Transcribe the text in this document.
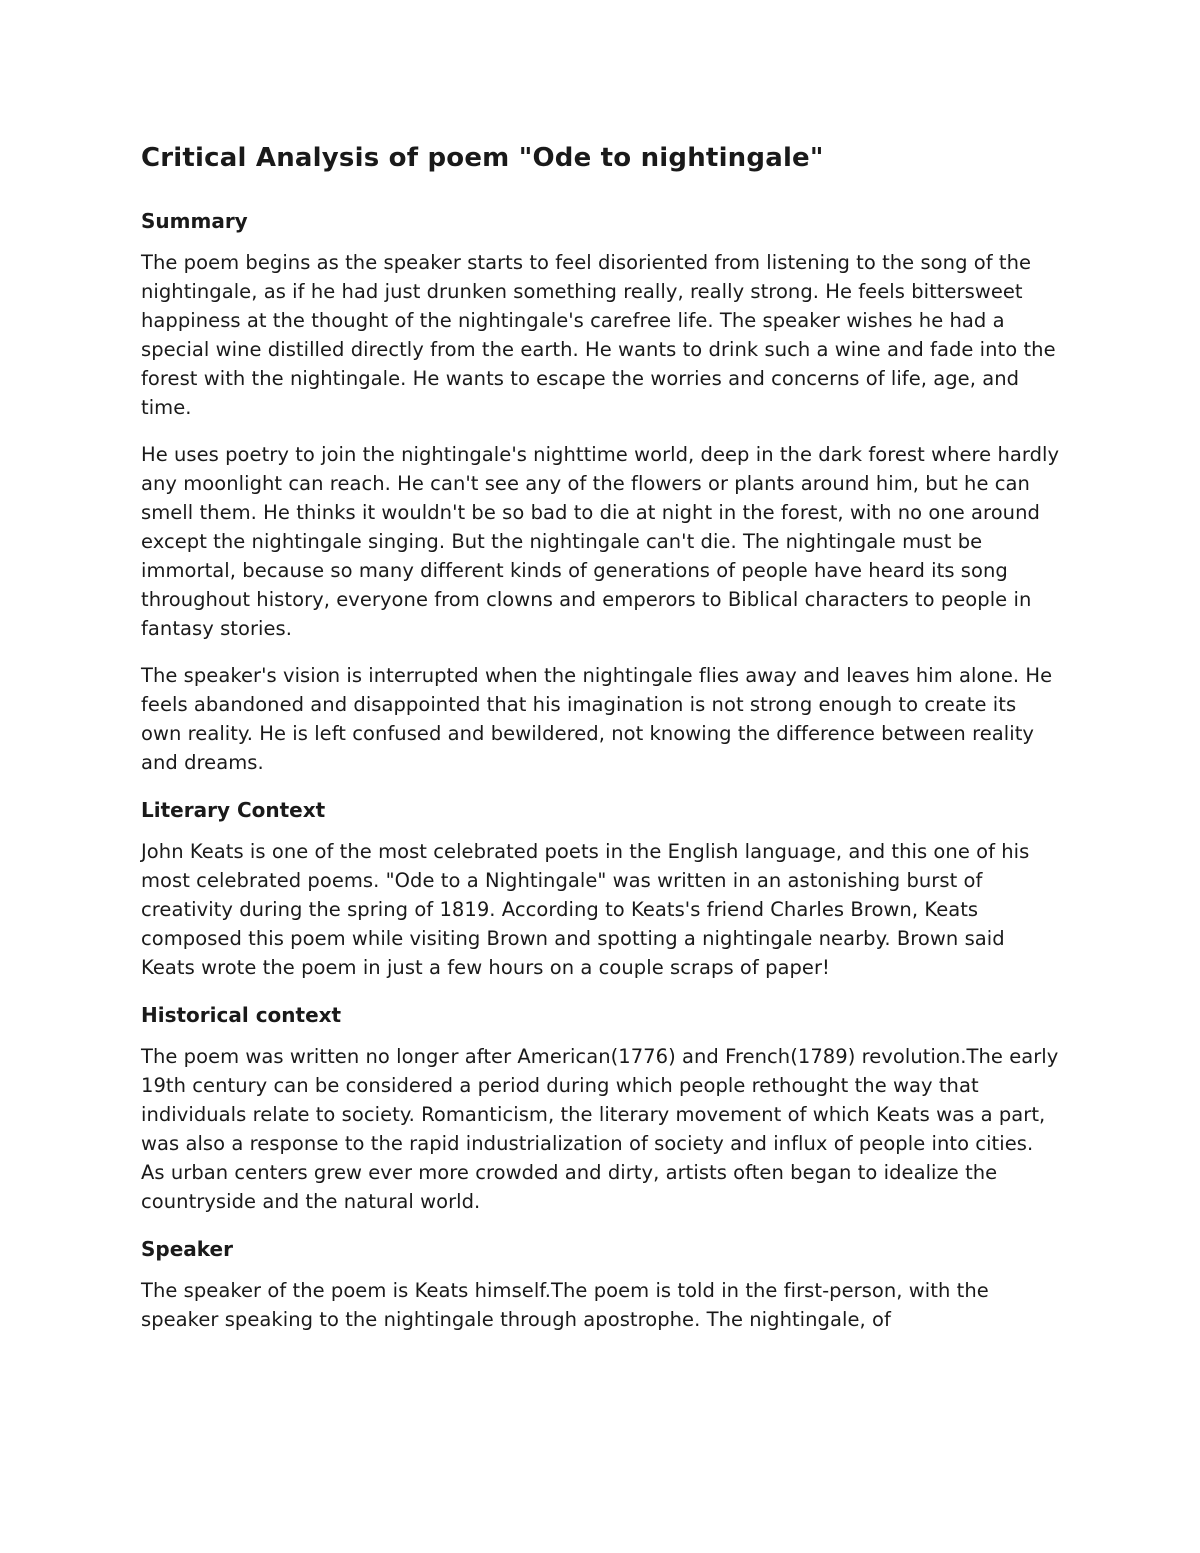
Critical Analysis of poem "Ode to nightingale"
Summary

The poem begins as the speaker starts to feel disoriented from listening to the song of the nightingale, as if he had just drunken something really, really strong. He feels bittersweet happiness at the thought of the nightingale's carefree life. The speaker wishes he had a special wine distilled directly from the earth. He wants to drink such a wine and fade into the forest with the nightingale. He wants to escape the worries and concerns of life, age, and time.

He uses poetry to join the nightingale's nighttime world, deep in the dark forest where hardly any moonlight can reach. He can't see any of the flowers or plants around him, but he can smell them. He thinks it wouldn't be so bad to die at night in the forest, with no one around except the nightingale singing. But the nightingale can't die. The nightingale must be immortal, because so many different kinds of generations of people have heard its song throughout history, everyone from clowns and emperors to Biblical characters to people in fantasy stories.

The speaker's vision is interrupted when the nightingale flies away and leaves him alone. He feels abandoned and disappointed that his imagination is not strong enough to create its own reality. He is left confused and bewildered, not knowing the difference between reality and dreams.

Literary Context

John Keats is one of the most celebrated poets in the English language, and this one of his most celebrated poems. "Ode to a Nightingale" was written in an astonishing burst of creativity during the spring of 1819. According to Keats's friend Charles Brown, Keats composed this poem while visiting Brown and spotting a nightingale nearby. Brown said Keats wrote the poem in just a few hours on a couple scraps of paper!

Historical context

The poem was written no longer after American(1776) and French(1789) revolution.The early 19th century can be considered a period during which people rethought the way that individuals relate to society. Romanticism, the literary movement of which Keats was a part, was also a response to the rapid industrialization of society and influx of people into cities. As urban centers grew ever more crowded and dirty, artists often began to idealize the countryside and the natural world.

Speaker

The speaker of the poem is Keats himself.The poem is told in the first-person, with the speaker speaking to the nightingale through apostrophe. The nightingale, of
